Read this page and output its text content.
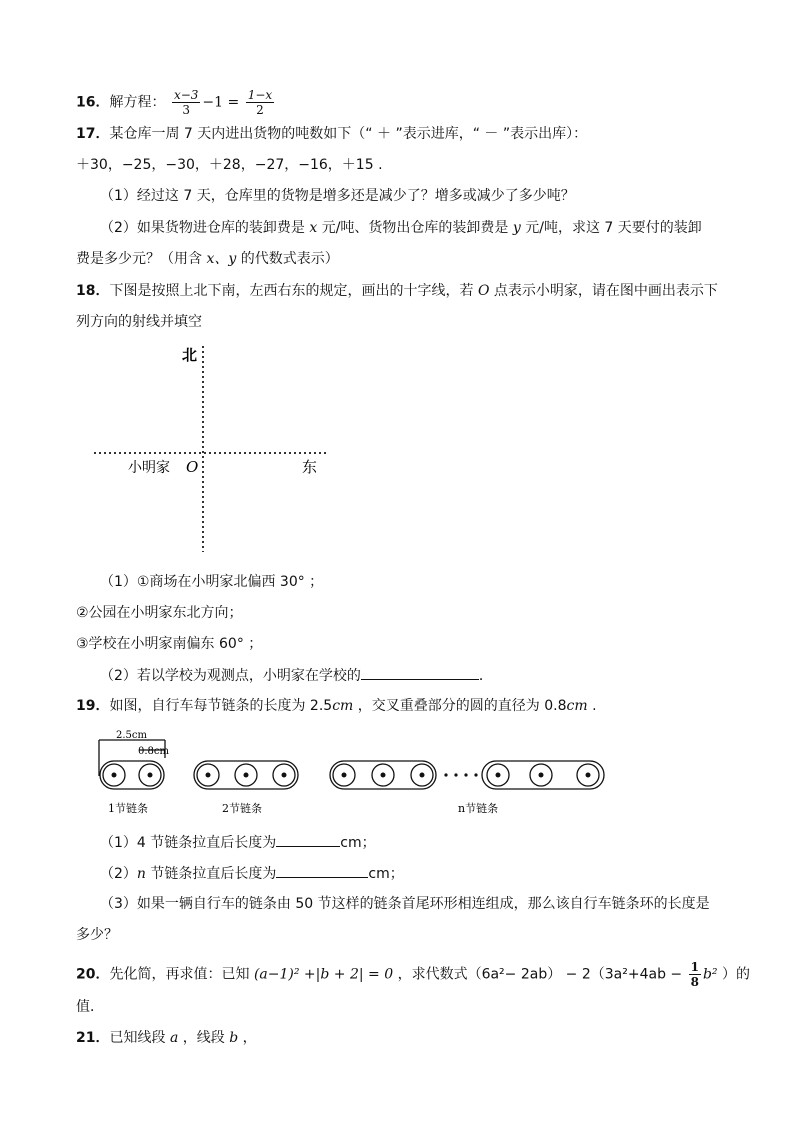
16．解方程： $\frac{x-3}{3} -1 = \frac{1-x}{2}$
17．某仓库一周 7 天内进出货物的吨数如下（“ ＋ ”表示进库，“ － ”表示出库）：
＋30，−25，−30，＋28，−27，−16，＋15 .
（1）经过这 7 天，仓库里的货物是增多还是减少了？增多或减少了多少吨？
（2）如果货物进仓库的装卸费是 x 元/吨、货物出仓库的装卸费是 y 元/吨，求这 7 天要付的装卸
费是多少元？（用含 x、y 的代数式表示）
18．下图是按照上北下南，左西右东的规定，画出的十字线，若 O 点表示小明家，请在图中画出表示下
列方向的射线并填空
北
东
小明家 O
（1）①商场在小明家北偏西 30° ；
②公园在小明家东北方向；
③学校在小明家南偏东 60° ；
（2）若以学校为观测点，小明家在学校的	．
19．如图，自行车每节链条的长度为 2.5cm ，交叉重叠部分的圆的直径为 0.8cm .
2.5cm
0.8cm
1节链条	2节链条	n节链条
（1）4 节链条拉直后长度为	cm；
（2）n 节链条拉直后长度为	cm；
（3）如果一辆自行车的链条由 50 节这样的链条首尾环形相连组成，那么该自行车链条环的长度是
多少？
20．先化简，再求值：已知 (a−1)² +|b + 2| = 0 ，求代数式$(6a^2- 2ab) - 2(3a^2+4ab - \frac{1}{8} b^2$ ）的
值．
21．已知线段 a ，线段 b ，
